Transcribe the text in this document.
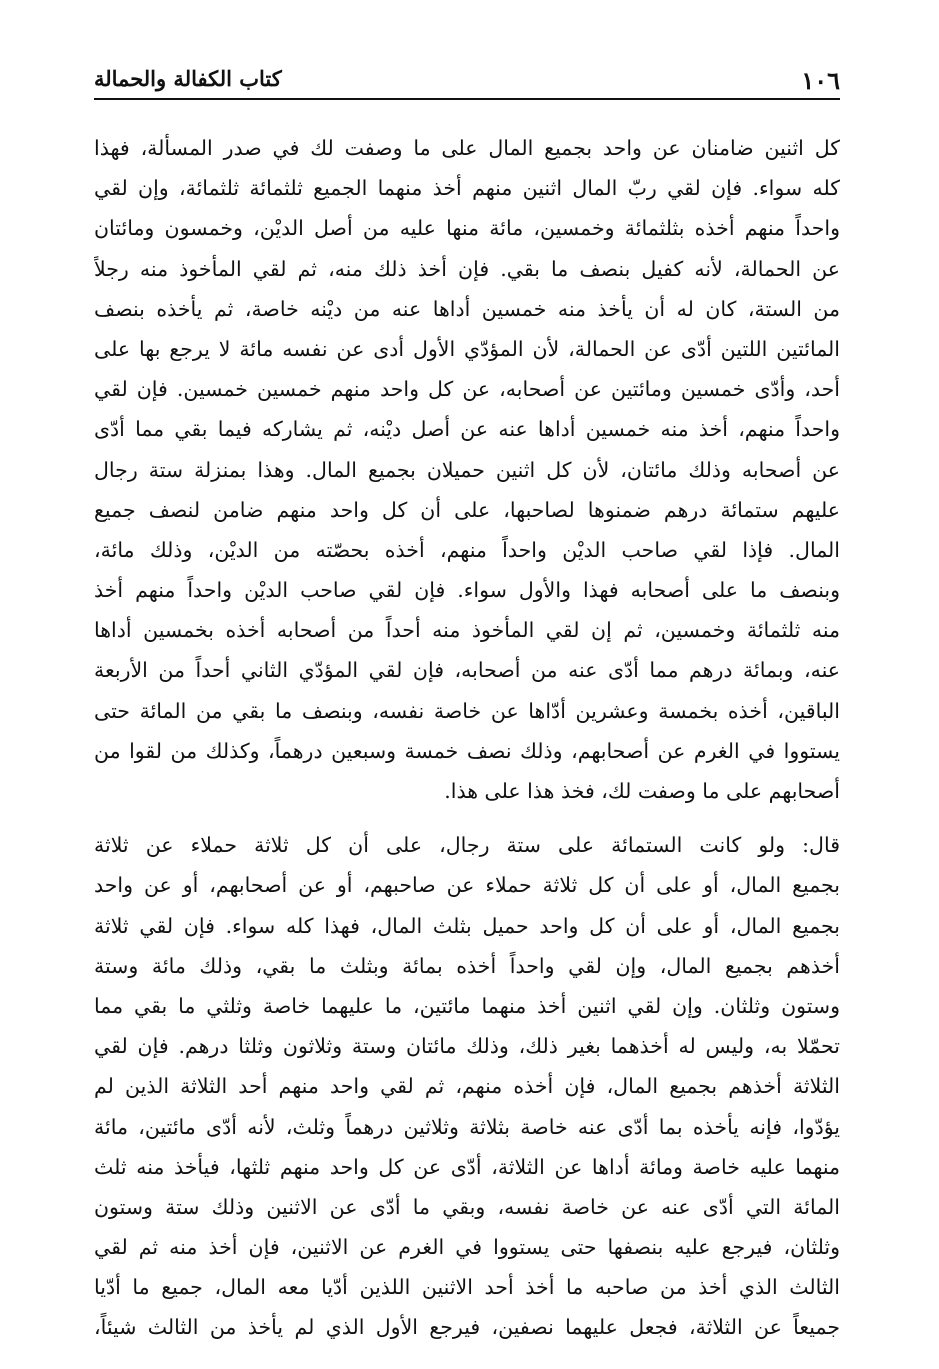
١٠٦
كتاب الكفالة والحمالة

كل اثنين ضامنان عن واحد بجميع المال على ما وصفت لك في صدر المسألة، فهذا
كله سواء. فإن لقي ربّ المال اثنين منهم أخذ منهما الجميع ثلثمائة ثلثمائة، وإن لقي
واحداً منهم أخذه بثلثمائة وخمسين، مائة منها عليه من أصل الديْن، وخمسون ومائتان
عن الحمالة، لأنه كفيل بنصف ما بقي. فإن أخذ ذلك منه، ثم لقي المأخوذ منه رجلاً
من الستة، كان له أن يأخذ منه خمسين أداها عنه من ديْنه خاصة، ثم يأخذه بنصف
المائتين اللتين أدّى عن الحمالة، لأن المؤدّي الأول أدى عن نفسه مائة لا يرجع بها على
أحد، وأدّى خمسين ومائتين عن أصحابه، عن كل واحد منهم خمسين خمسين. فإن لقي
واحداً منهم، أخذ منه خمسين أداها عنه عن أصل ديْنه، ثم يشاركه فيما بقي مما أدّى
عن أصحابه وذلك مائتان، لأن كل اثنين حميلان بجميع المال. وهذا بمنزلة ستة رجال
عليهم ستمائة درهم ضمنوها لصاحبها، على أن كل واحد منهم ضامن لنصف جميع
المال. فإذا لقي صاحب الديْن واحداً منهم، أخذه بحصّته من الديْن، وذلك مائة،
وبنصف ما على أصحابه فهذا والأول سواء. فإن لقي صاحب الديْن واحداً منهم أخذ
منه ثلثمائة وخمسين، ثم إن لقي المأخوذ منه أحداً من أصحابه أخذه بخمسين أداها
عنه، وبمائة درهم مما أدّى عنه من أصحابه، فإن لقي المؤدّي الثاني أحداً من الأربعة
الباقين، أخذه بخمسة وعشرين أدّاها عن خاصة نفسه، وبنصف ما بقي من المائة حتى
يستووا في الغرم عن أصحابهم، وذلك نصف خمسة وسبعين درهماً، وكذلك من لقوا من
أصحابهم على ما وصفت لك، فخذ هذا على هذا.

قال: ولو كانت الستمائة على ستة رجال، على أن كل ثلاثة حملاء عن ثلاثة
بجميع المال، أو على أن كل ثلاثة حملاء عن صاحبهم، أو عن أصحابهم، أو عن واحد
بجميع المال، أو على أن كل واحد حميل بثلث المال، فهذا كله سواء. فإن لقي ثلاثة
أخذهم بجميع المال، وإن لقي واحداً أخذه بمائة وبثلث ما بقي، وذلك مائة وستة
وستون وثلثان. وإن لقي اثنين أخذ منهما مائتين، ما عليهما خاصة وثلثي ما بقي مما
تحمّلا به، وليس له أخذهما بغير ذلك، وذلك مائتان وستة وثلاثون وثلثا درهم. فإن لقي
الثلاثة أخذهم بجميع المال، فإن أخذه منهم، ثم لقي واحد منهم أحد الثلاثة الذين لم
يؤدّوا، فإنه يأخذه بما أدّى عنه خاصة بثلاثة وثلاثين درهماً وثلث، لأنه أدّى مائتين، مائة
منهما عليه خاصة ومائة أداها عن الثلاثة، أدّى عن كل واحد منهم ثلثها، فيأخذ منه ثلث
المائة التي أدّى عنه عن خاصة نفسه، وبقي ما أدّى عن الاثنين وذلك ستة وستون
وثلثان، فيرجع عليه بنصفها حتى يستووا في الغرم عن الاثنين، فإن أخذ منه ثم لقي
الثالث الذي أخذ من صاحبه ما أخذ أحد الاثنين اللذين أدّيا معه المال، جميع ما أدّيا
جميعاً عن الثلاثة، فجعل عليهما نصفين، فيرجع الأول الذي لم يأخذ من الثالث شيئاً،
